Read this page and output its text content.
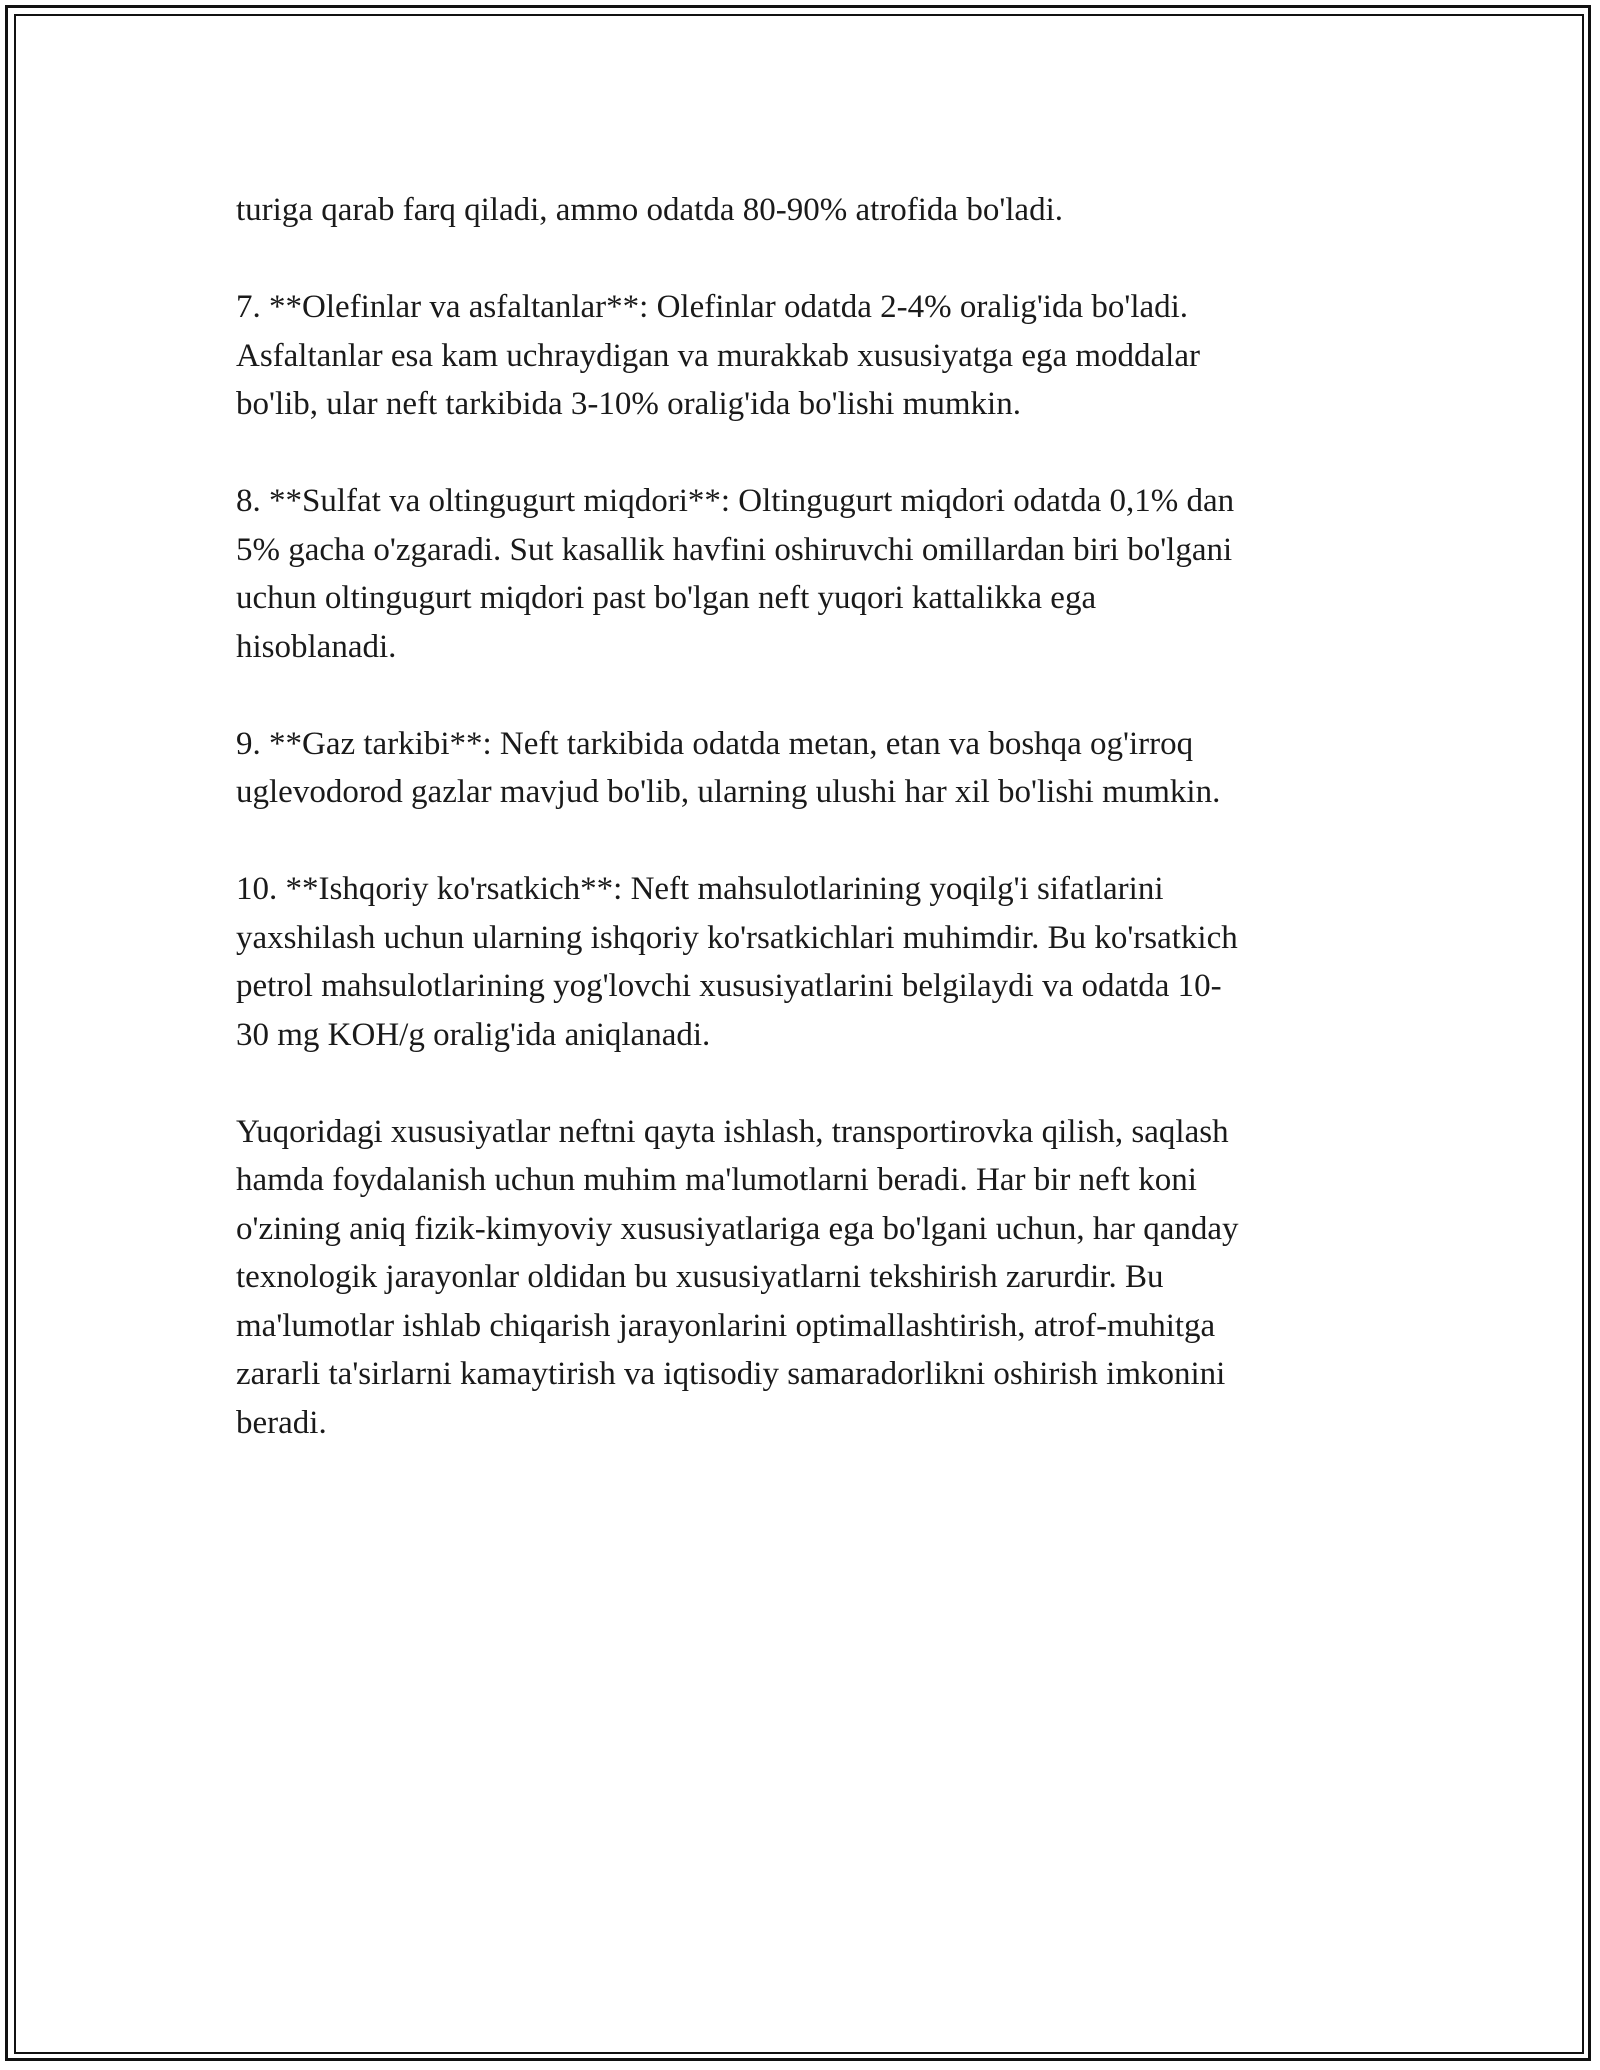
turiga qarab farq qiladi, ammo odatda 80-90% atrofida bo'ladi.

7. **Olefinlar va asfaltanlar**: Olefinlar odatda 2-4% oralig'ida bo'ladi.
Asfaltanlar esa kam uchraydigan va murakkab xususiyatga ega moddalar
bo'lib, ular neft tarkibida 3-10% oralig'ida bo'lishi mumkin.

8. **Sulfat va oltingugurt miqdori**: Oltingugurt miqdori odatda 0,1% dan
5% gacha o'zgaradi. Sut kasallik havfini oshiruvchi omillardan biri bo'lgani
uchun oltingugurt miqdori past bo'lgan neft yuqori kattalikka ega
hisoblanadi.

9. **Gaz tarkibi**: Neft tarkibida odatda metan, etan va boshqa og'irroq
uglevodorod gazlar mavjud bo'lib, ularning ulushi har xil bo'lishi mumkin.

10. **Ishqoriy ko'rsatkich**: Neft mahsulotlarining yoqilg'i sifatlarini
yaxshilash uchun ularning ishqoriy ko'rsatkichlari muhimdir. Bu ko'rsatkich
petrol mahsulotlarining yog'lovchi xususiyatlarini belgilaydi va odatda 10-
30 mg KOH/g oralig'ida aniqlanadi.

Yuqoridagi xususiyatlar neftni qayta ishlash, transportirovka qilish, saqlash
hamda foydalanish uchun muhim ma'lumotlarni beradi. Har bir neft koni
o'zining aniq fizik-kimyoviy xususiyatlariga ega bo'lgani uchun, har qanday
texnologik jarayonlar oldidan bu xususiyatlarni tekshirish zarurdir. Bu
ma'lumotlar ishlab chiqarish jarayonlarini optimallashtirish, atrof-muhitga
zararli ta'sirlarni kamaytirish va iqtisodiy samaradorlikni oshirish imkonini
beradi.
